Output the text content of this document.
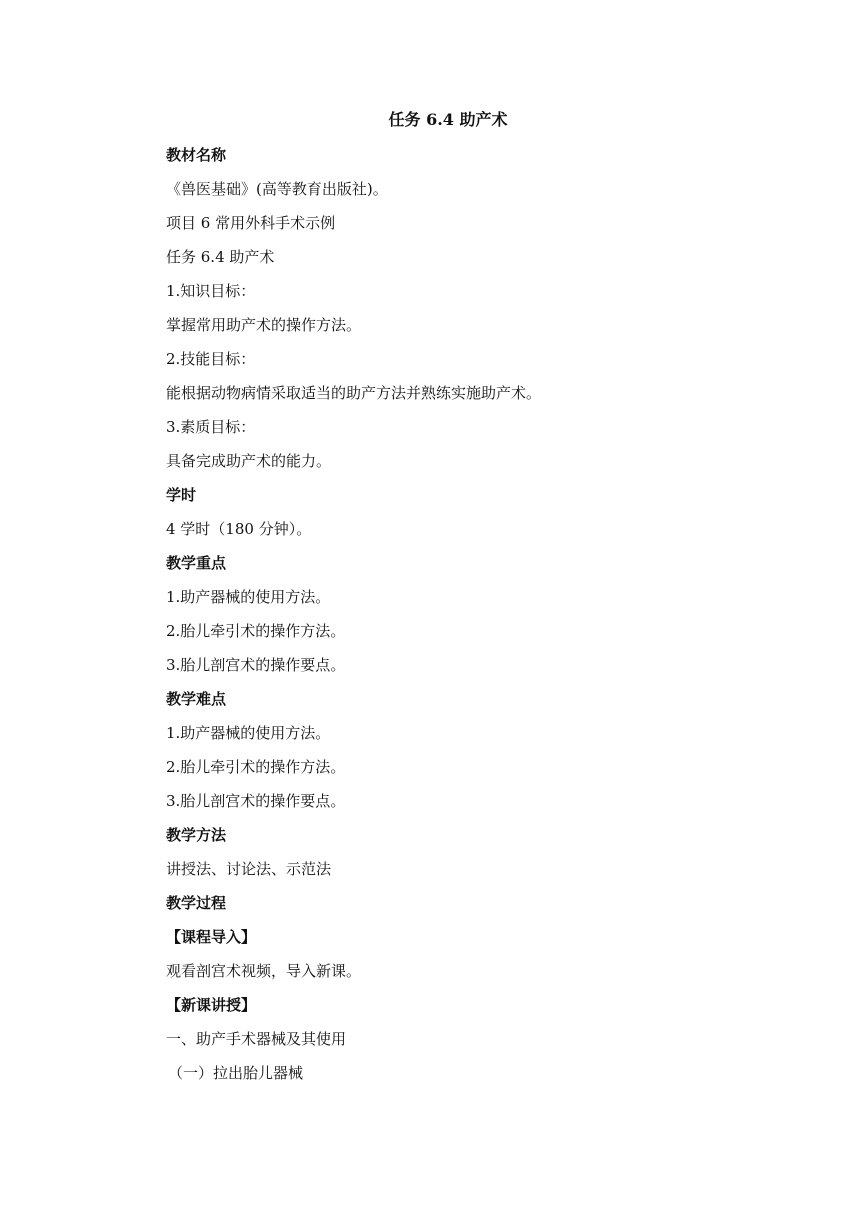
任务 6.4 助产术
教材名称
《兽医基础》(高等教育出版社)。
项目 6 常用外科手术示例
任务 6.4 助产术
1.知识目标：
掌握常用助产术的操作方法。
2.技能目标：
能根据动物病情采取适当的助产方法并熟练实施助产术。
3.素质目标：
具备完成助产术的能力。
学时
4 学时（180 分钟）。
教学重点
1.助产器械的使用方法。
2.胎儿牵引术的操作方法。
3.胎儿剖宫术的操作要点。
教学难点
1.助产器械的使用方法。
2.胎儿牵引术的操作方法。
3.胎儿剖宫术的操作要点。
教学方法
讲授法、讨论法、示范法
教学过程
【课程导入】
观看剖宫术视频，导入新课。
【新课讲授】
一、助产手术器械及其使用
（一）拉出胎儿器械
